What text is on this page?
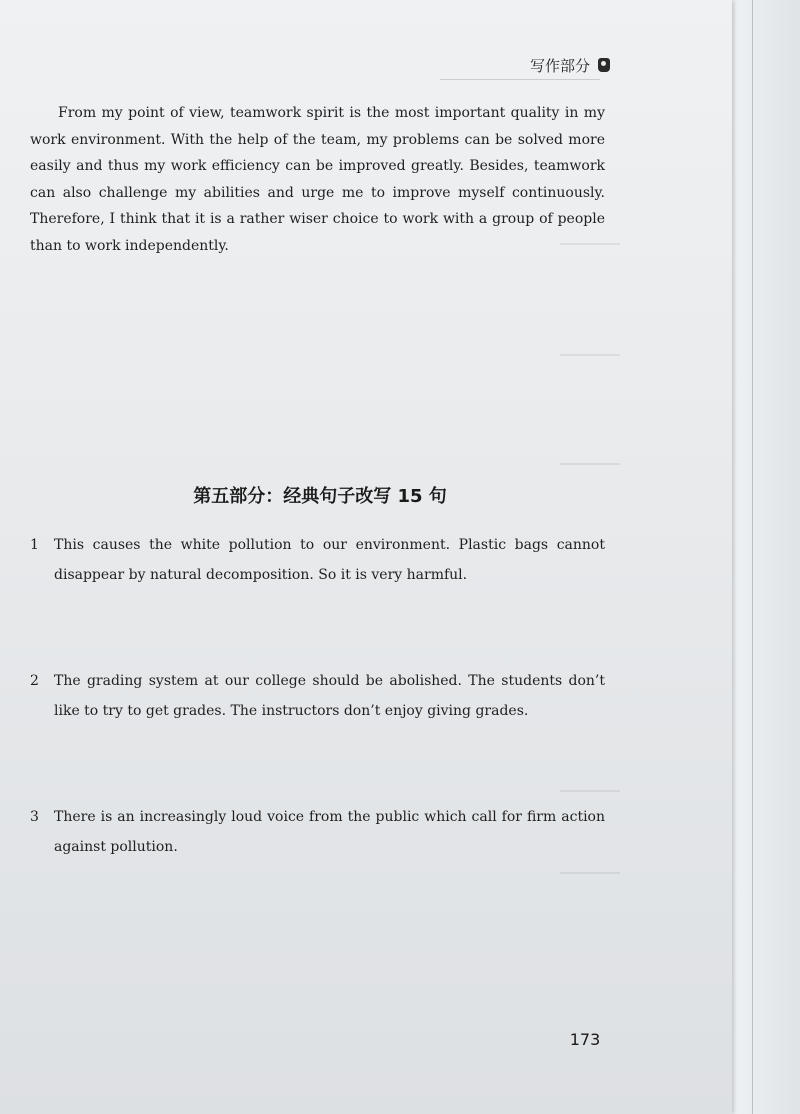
写作部分

From my point of view, teamwork spirit is the most important quality in my work environment. With the help of the team, my problems can be solved more easily and thus my work efficiency can be improved greatly. Besides, teamwork can also challenge my abilities and urge me to improve myself continuously. Therefore, I think that it is a rather wiser choice to work with a group of people than to work independently.

第五部分：经典句子改写 15 句
1	This causes the white pollution to our environment. Plastic bags cannot disappear by natural decomposition. So it is very harmful.

2	The grading system at our college should be abolished. The students don’t like to try to get grades. The instructors don’t enjoy giving grades.

3	There is an increasingly loud voice from the public which call for firm action against pollution.

173
